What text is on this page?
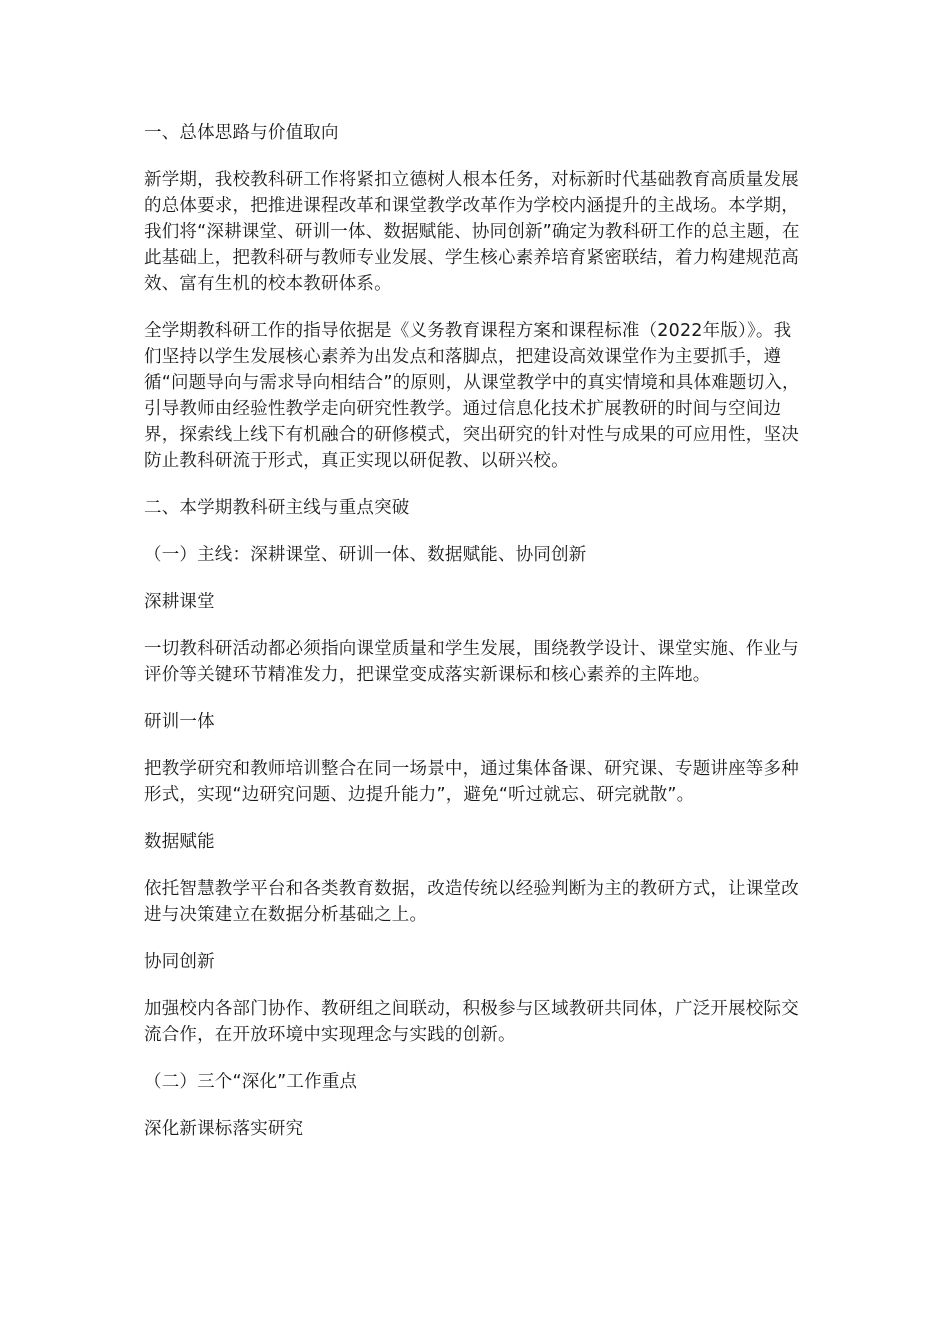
一、总体思路与价值取向

新学期，我校教科研工作将紧扣立德树人根本任务，对标新时代基础教育高质量发展的总体要求，把推进课程改革和课堂教学改革作为学校内涵提升的主战场。本学期，我们将“深耕课堂、研训一体、数据赋能、协同创新”确定为教科研工作的总主题，在此基础上，把教科研与教师专业发展、学生核心素养培育紧密联结，着力构建规范高效、富有生机的校本教研体系。

全学期教科研工作的指导依据是《义务教育课程方案和课程标准（2022年版）》。我们坚持以学生发展核心素养为出发点和落脚点，把建设高效课堂作为主要抓手，遵循“问题导向与需求导向相结合”的原则，从课堂教学中的真实情境和具体难题切入，引导教师由经验性教学走向研究性教学。通过信息化技术扩展教研的时间与空间边界，探索线上线下有机融合的研修模式，突出研究的针对性与成果的可应用性，坚决防止教科研流于形式，真正实现以研促教、以研兴校。

二、本学期教科研主线与重点突破

（一）主线：深耕课堂、研训一体、数据赋能、协同创新

深耕课堂

一切教科研活动都必须指向课堂质量和学生发展，围绕教学设计、课堂实施、作业与评价等关键环节精准发力，把课堂变成落实新课标和核心素养的主阵地。

研训一体

把教学研究和教师培训整合在同一场景中，通过集体备课、研究课、专题讲座等多种形式，实现“边研究问题、边提升能力”，避免“听过就忘、研完就散”。

数据赋能

依托智慧教学平台和各类教育数据，改造传统以经验判断为主的教研方式，让课堂改进与决策建立在数据分析基础之上。

协同创新

加强校内各部门协作、教研组之间联动，积极参与区域教研共同体，广泛开展校际交流合作，在开放环境中实现理念与实践的创新。

（二）三个“深化”工作重点

深化新课标落实研究
